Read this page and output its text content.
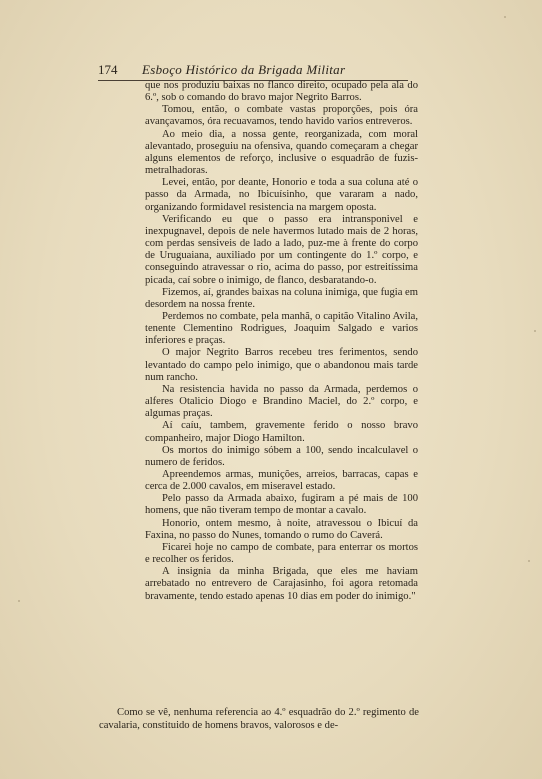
174	Esboço Histórico da Brigada Militar

que nos produziu baixas no flanco direito, ocupado pela ala do 6.º, sob o comando do bravo major Negrito Barros.

Tomou, então, o combate vastas proporções, pois óra avançavamos, óra recuavamos, tendo havido varios entreveros.

Ao meio dia, a nossa gente, reorganizada, com moral alevantado, proseguiu na ofensiva, quando começaram a chegar alguns elementos de reforço, inclusive o esquadrão de fuzis-metralhadoras.

Levei, então, por deante, Honorio e toda a sua coluna até o passo da Armada, no Ibicuísinho, que vararam a nado, organizando formidavel resistencia na margem oposta.

Verificando eu que o passo era intransponivel e inexpugnavel, depois de nele havermos lutado mais de 2 horas, com perdas sensiveis de lado a lado, puz-me à frente do corpo de Uruguaiana, auxiliado por um contingente do 1.º corpo, e conseguindo atravessar o rio, acima do passo, por estreitíssima picada, caí sobre o inimigo, de flanco, desbaratando-o.

Fizemos, aí, grandes baixas na coluna inimiga, que fugia em desordem na nossa frente.

Perdemos no combate, pela manhã, o capitão Vitalino Avila, tenente Clementino Rodrigues, Joaquim Salgado e varios inferiores e praças.

O major Negrito Barros recebeu tres ferimentos, sendo levantado do campo pelo inimigo, que o abandonou mais tarde num rancho.

Na resistencia havida no passo da Armada, perdemos o alferes Otalicio Diogo e Brandino Maciel, do 2.º corpo, e algumas praças.

Aí caíu, tambem, gravemente ferido o nosso bravo companheiro, major Diogo Hamilton.

Os mortos do inimigo sóbem a 100, sendo incalculavel o numero de feridos.

Apreendemos armas, munições, arreios, barracas, capas e cerca de 2.000 cavalos, em miseravel estado.

Pelo passo da Armada abaixo, fugiram a pé mais de 100 homens, que não tiveram tempo de montar a cavalo.

Honorio, ontem mesmo, à noite, atravessou o Ibicuí da Faxina, no passo do Nunes, tomando o rumo do Caverá.

Ficarei hoje no campo de combate, para enterrar os mortos e recolher os feridos.

A insignia da minha Brigada, que eles me haviam arrebatado no entrevero de Carajasinho, foi agora retomada bravamente, tendo estado apenas 10 dias em poder do inimigo."

Como se vê, nenhuma referencia ao 4.º esquadrão do 2.º regimento de cavalaria, constituido de homens bravos, valorosos e de-
